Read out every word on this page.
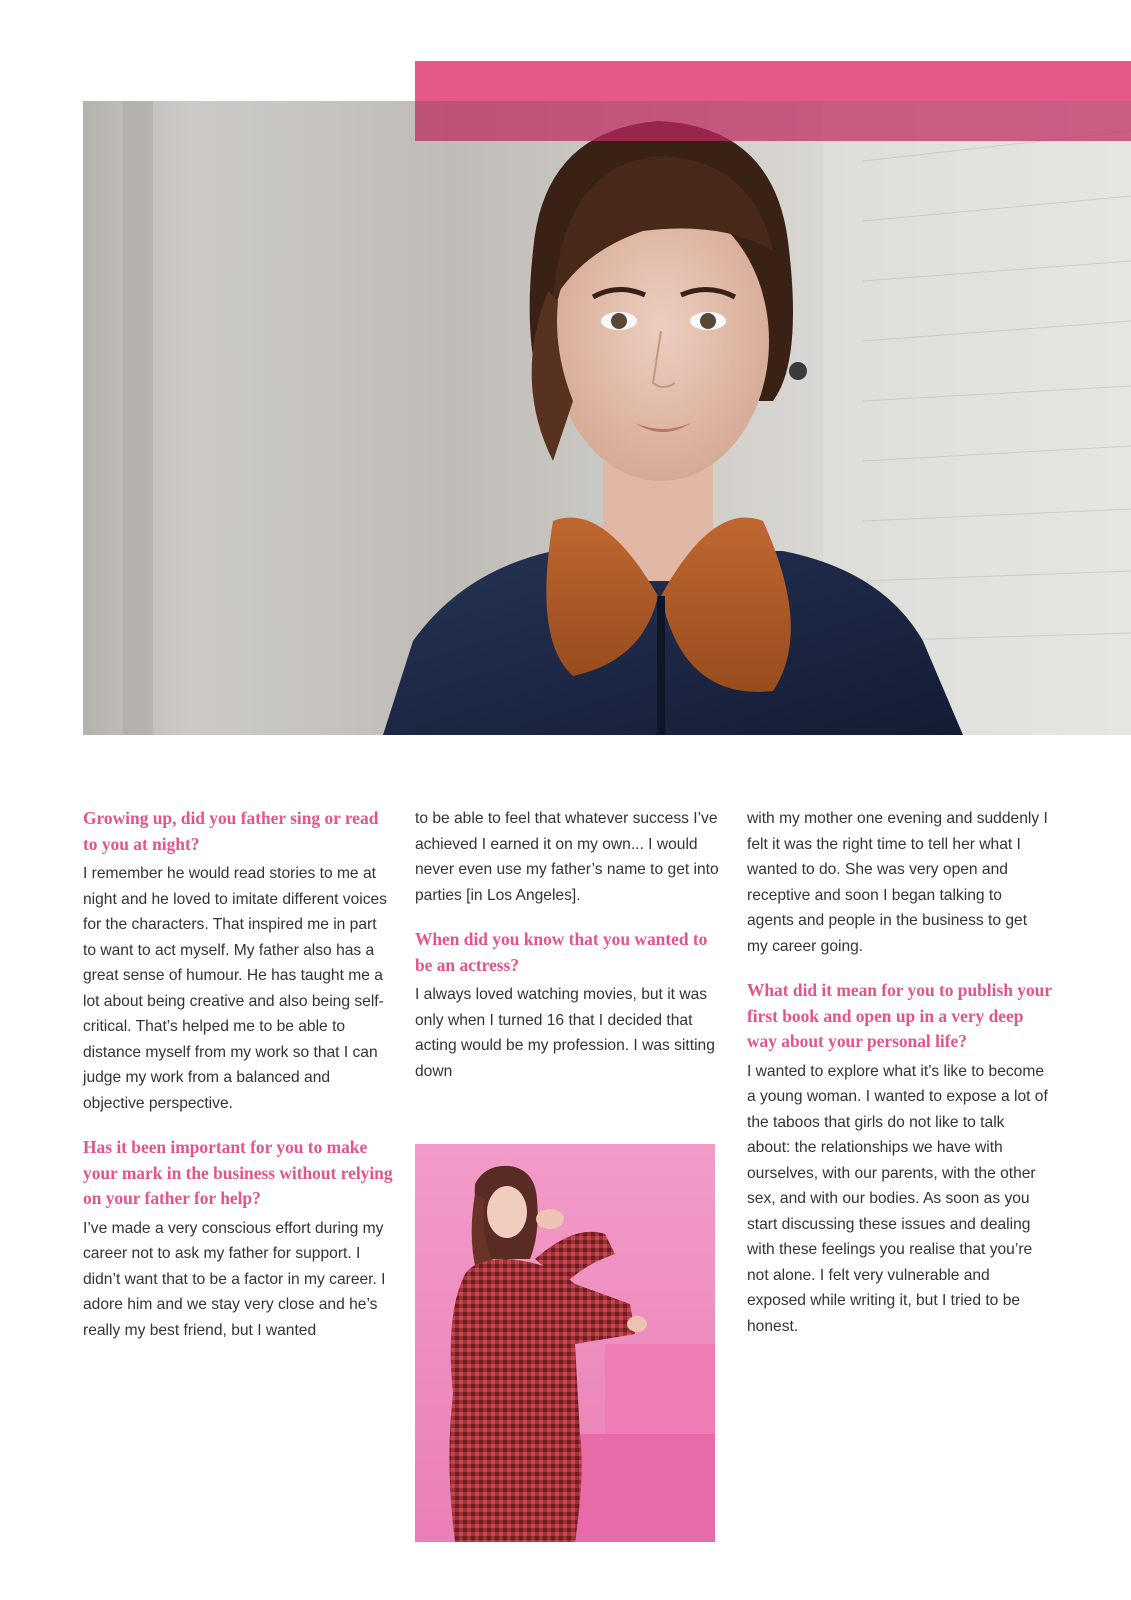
Growing up, did you father sing or read to you at night?
I remember he would read stories to me at night and he loved to imitate different voices for the characters. That inspired me in part to want to act myself. My father also has a great sense of humour. He has taught me a lot about being creative and also being self-critical. That’s helped me to be able to distance myself from my work so that I can judge my work from a balanced and objective perspective.
Has it been important for you to make your mark in the business without relying on your father for help?
I’ve made a very conscious effort during my career not to ask my father for support. I didn’t want that to be a factor in my career. I adore him and we stay very close and he’s really my best friend, but I wanted
to be able to feel that whatever success I’ve achieved I earned it on my own... I would never even use my father’s name to get into parties [in Los Angeles].
When did you know that you wanted to be an actress?
I always loved watching movies, but it was only when I turned 16 that I decided that acting would be my profession. I was sitting down
with my mother one evening and suddenly I felt it was the right time to tell her what I wanted to do. She was very open and receptive and soon I began talking to agents and people in the business to get my career going.
What did it mean for you to publish your first book and open up in a very deep way about your personal life?
I wanted to explore what it’s like to become a young woman. I wanted to expose a lot of the taboos that girls do not like to talk about: the relationships we have with ourselves, with our parents, with the other sex, and with our bodies. As soon as you start discussing these issues and dealing with these feelings you realise that you’re not alone. I felt very vulnerable and exposed while writing it, but I tried to be honest.
